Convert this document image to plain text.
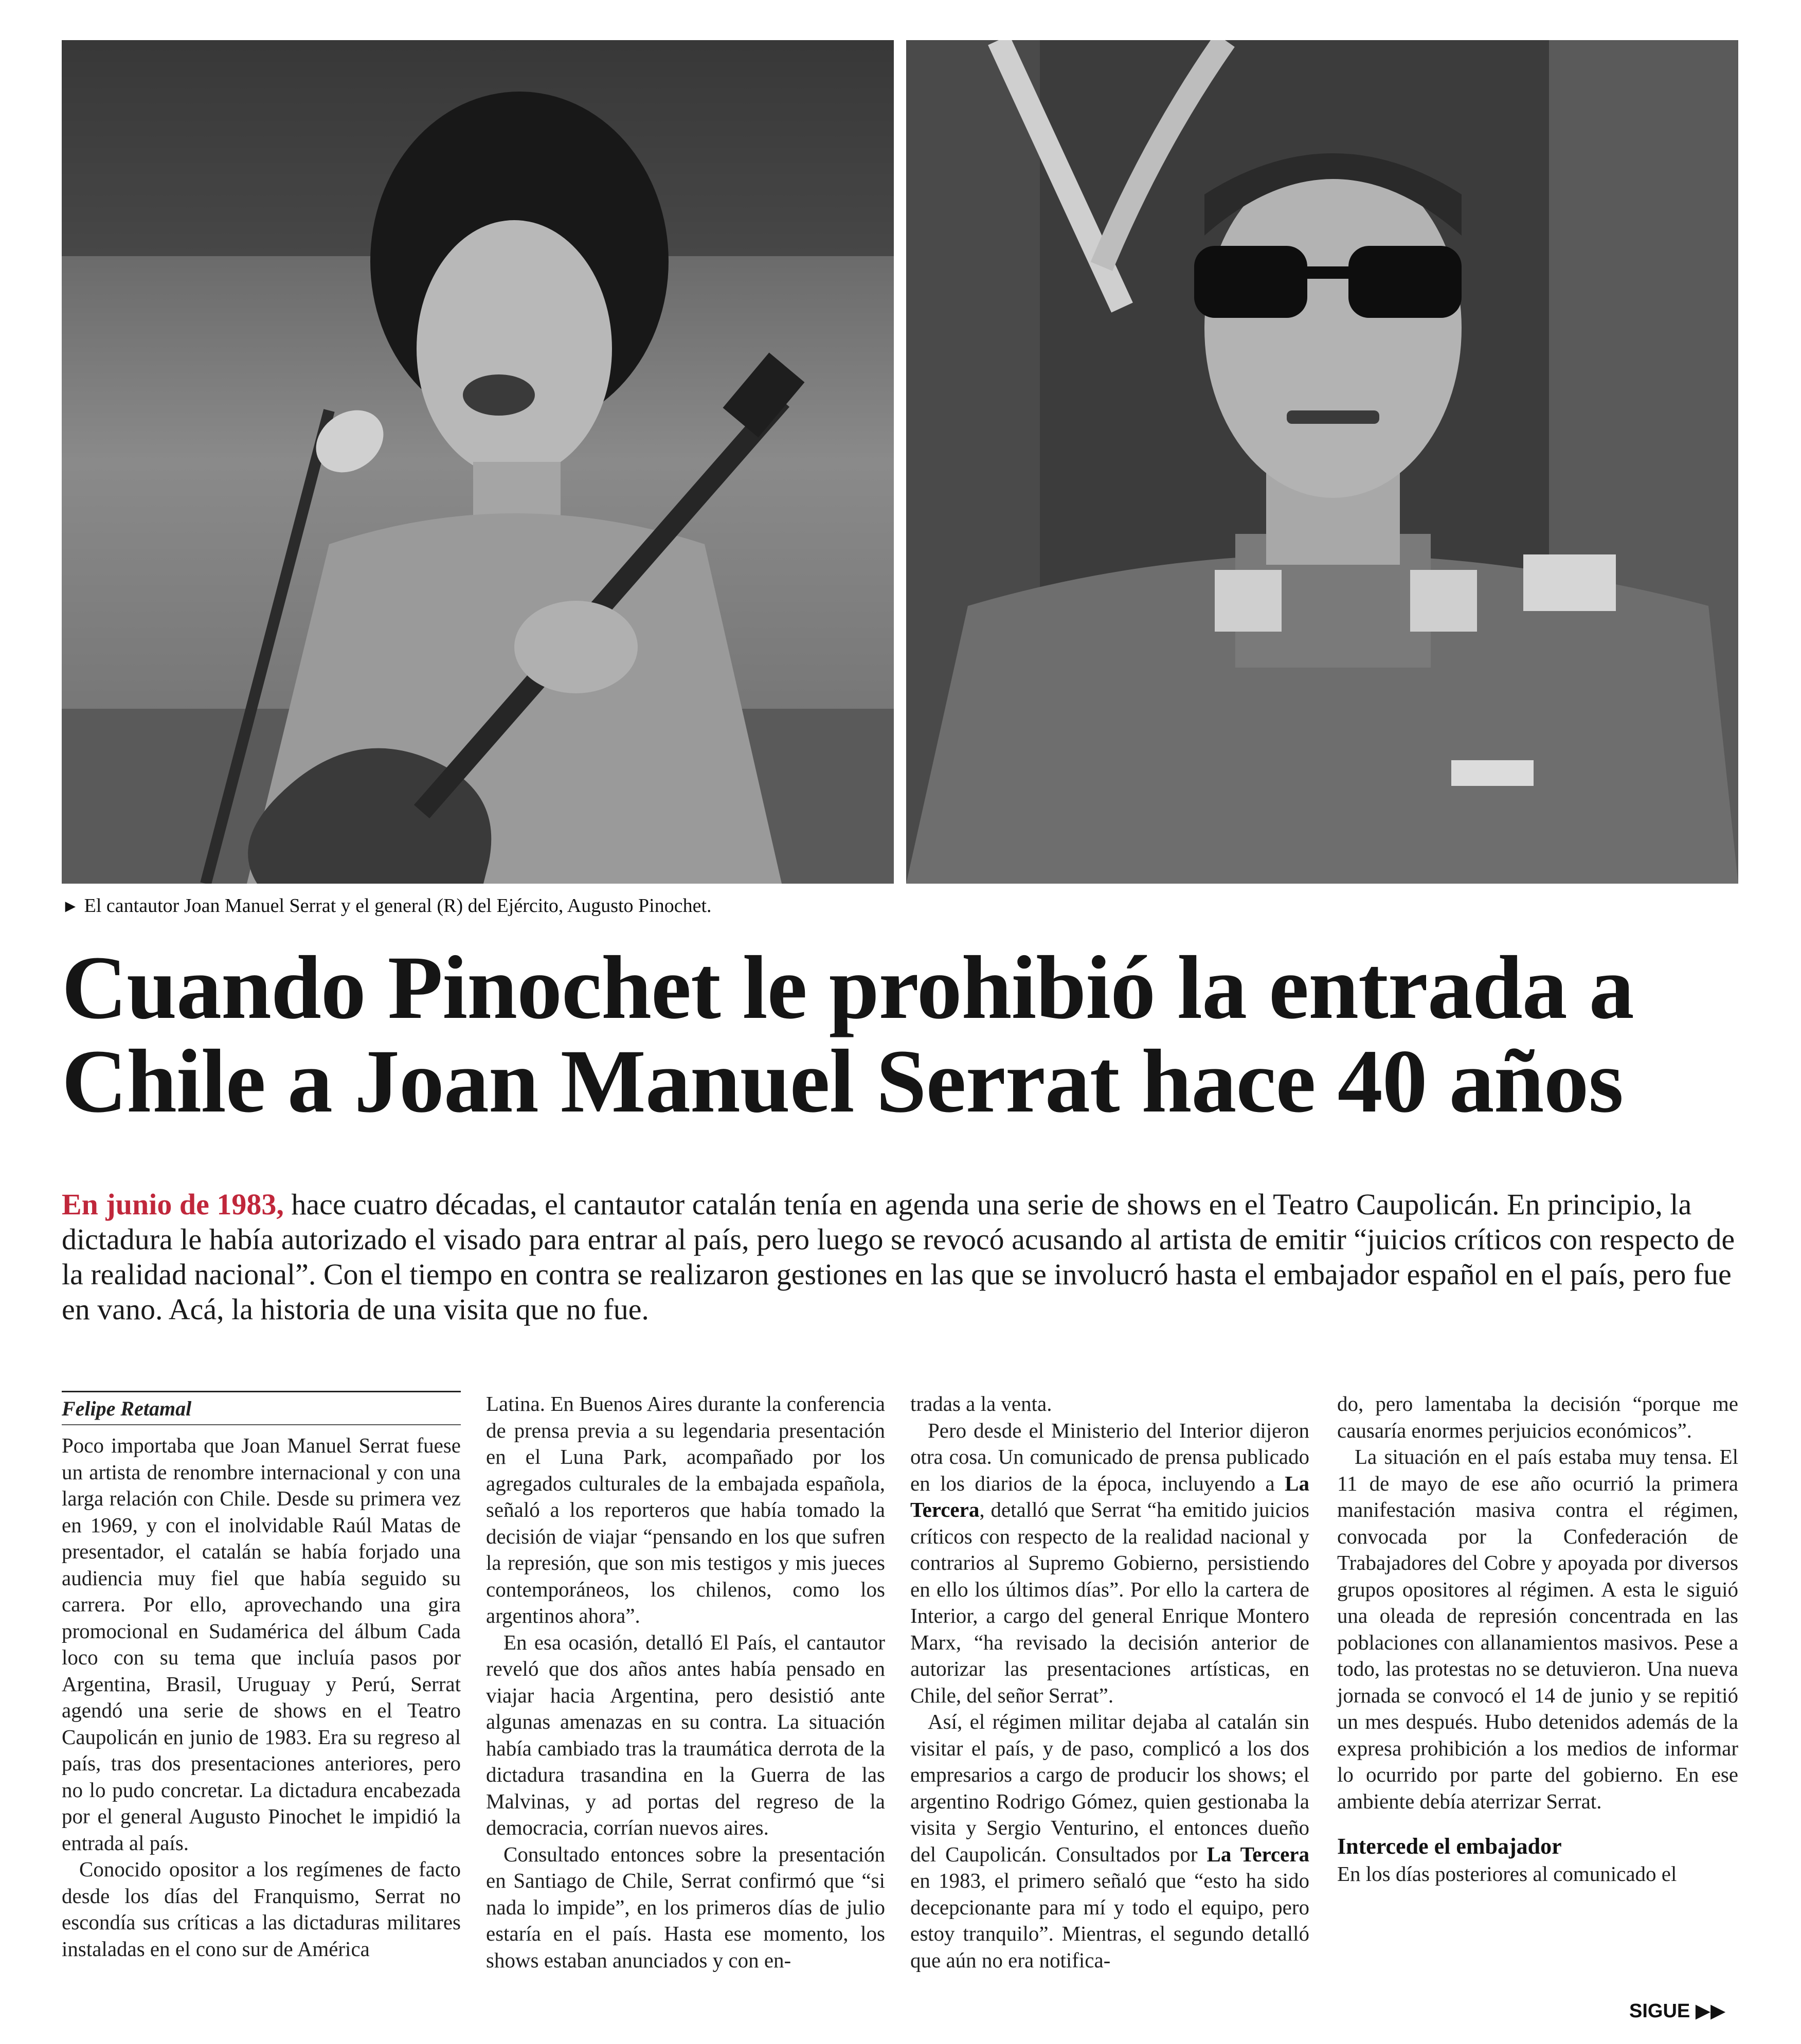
► El cantautor Joan Manuel Serrat y el general (R) del Ejército, Augusto Pinochet.
Cuando Pinochet le prohibió la entrada a Chile a Joan Manuel Serrat hace 40 años

En junio de 1983, hace cuatro décadas, el cantautor catalán tenía en agenda una serie de shows en el Teatro Caupolicán. En principio, la dictadura le había autorizado el visado para entrar al país, pero luego se revocó acusando al artista de emitir “juicios críticos con respecto de la realidad nacional”. Con el tiempo en contra se realizaron gestiones en las que se involucró hasta el embajador español en el país, pero fue en vano. Acá, la historia de una visita que no fue.

Felipe Retamal

Poco importaba que Joan Manuel Serrat fuese un artista de renombre internacional y con una larga relación con Chile. Desde su primera vez en 1969, y con el inolvidable Raúl Matas de presentador, el catalán se había forjado una audiencia muy fiel que había seguido su carrera. Por ello, aprovechando una gira promocional en Sudamérica del álbum Cada loco con su tema que incluía pasos por Argentina, Brasil, Uruguay y Perú, Serrat agendó una serie de shows en el Teatro Caupolicán en junio de 1983. Era su regreso al país, tras dos presentaciones anteriores, pero no lo pudo concretar. La dictadura encabezada por el general Augusto Pinochet le impidió la entrada al país.

Conocido opositor a los regímenes de facto desde los días del Franquismo, Serrat no escondía sus críticas a las dictaduras militares instaladas en el cono sur de América

Latina. En Buenos Aires durante la conferencia de prensa previa a su legendaria presentación en el Luna Park, acompañado por los agregados culturales de la embajada española, señaló a los reporteros que había tomado la decisión de viajar “pensando en los que sufren la represión, que son mis testigos y mis jueces contemporáneos, los chilenos, como los argentinos ahora”.

En esa ocasión, detalló El País, el cantautor reveló que dos años antes había pensado en viajar hacia Argentina, pero desistió ante algunas amenazas en su contra. La situación había cambiado tras la traumática derrota de la dictadura trasandina en la Guerra de las Malvinas, y ad portas del regreso de la democracia, corrían nuevos aires.

Consultado entonces sobre la presentación en Santiago de Chile, Serrat confirmó que “si nada lo impide”, en los primeros días de julio estaría en el país. Hasta ese momento, los shows estaban anunciados y con en-

tradas a la venta.

Pero desde el Ministerio del Interior dijeron otra cosa. Un comunicado de prensa publicado en los diarios de la época, incluyendo a La Tercera, detalló que Serrat “ha emitido juicios críticos con respecto de la realidad nacional y contrarios al Supremo Gobierno, persistiendo en ello los últimos días”. Por ello la cartera de Interior, a cargo del general Enrique Montero Marx, “ha revisado la decisión anterior de autorizar las presentaciones artísticas, en Chile, del señor Serrat”.

Así, el régimen militar dejaba al catalán sin visitar el país, y de paso, complicó a los dos empresarios a cargo de producir los shows; el argentino Rodrigo Gómez, quien gestionaba la visita y Sergio Venturino, el entonces dueño del Caupolicán. Consultados por La Tercera en 1983, el primero señaló que “esto ha sido decepcionante para mí y todo el equipo, pero estoy tranquilo”. Mientras, el segundo detalló que aún no era notifica-

do, pero lamentaba la decisión “porque me causaría enormes perjuicios económicos”.

La situación en el país estaba muy tensa. El 11 de mayo de ese año ocurrió la primera manifestación masiva contra el régimen, convocada por la Confederación de Trabajadores del Cobre y apoyada por diversos grupos opositores al régimen. A esta le siguió una oleada de represión concentrada en las poblaciones con allanamientos masivos. Pese a todo, las protestas no se detuvieron. Una nueva jornada se convocó el 14 de junio y se repitió un mes después. Hubo detenidos además de la expresa prohibición a los medios de informar lo ocurrido por parte del gobierno. En ese ambiente debía aterrizar Serrat.

Intercede el embajador

En los días posteriores al comunicado el

SIGUE ▶▶
